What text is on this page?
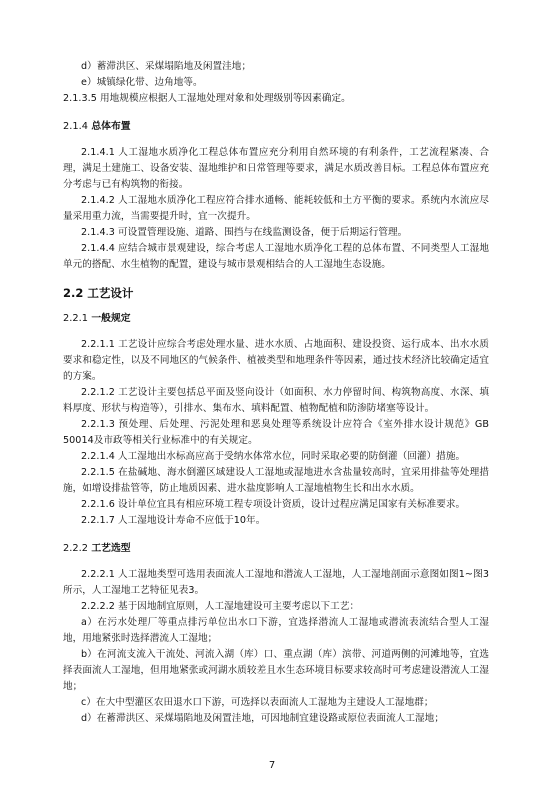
d）蓄滞洪区、采煤塌陷地及闲置洼地；

e）城镇绿化带、边角地等。

2.1.3.5 用地规模应根据人工湿地处理对象和处理级别等因素确定。

2.1.4 总体布置

2.1.4.1 人工湿地水质净化工程总体布置应充分利用自然环境的有利条件，工艺流程紧凑、合理，满足土建施工、设备安装、湿地维护和日常管理等要求，满足水质改善目标。工程总体布置应充分考虑与已有构筑物的衔接。

2.1.4.2 人工湿地水质净化工程应符合排水通畅、能耗较低和土方平衡的要求。系统内水流应尽量采用重力流，当需要提升时，宜一次提升。

2.1.4.3 可设置管理设施、道路、围挡与在线监测设备，便于后期运行管理。

2.1.4.4 应结合城市景观建设，综合考虑人工湿地水质净化工程的总体布置、不同类型人工湿地单元的搭配、水生植物的配置，建设与城市景观相结合的人工湿地生态设施。

2.2 工艺设计
2.2.1 一般规定

2.2.1.1 工艺设计应综合考虑处理水量、进水水质、占地面积、建设投资、运行成本、出水水质要求和稳定性，以及不同地区的气候条件、植被类型和地理条件等因素，通过技术经济比较确定适宜的方案。

2.2.1.2 工艺设计主要包括总平面及竖向设计（如面积、水力停留时间、构筑物高度、水深、填料厚度、形状与构造等），引排水、集布水、填料配置、植物配植和防渗防堵塞等设计。

2.2.1.3 预处理、后处理、污泥处理和恶臭处理等系统设计应符合《室外排水设计规范》GB 50014及市政等相关行业标准中的有关规定。

2.2.1.4 人工湿地出水标高应高于受纳水体常水位，同时采取必要的防倒灌（回灌）措施。

2.2.1.5 在盐碱地、海水倒灌区域建设人工湿地或湿地进水含盐量较高时，宜采用排盐等处理措施，如增设排盐管等，防止地质因素、进水盐度影响人工湿地植物生长和出水水质。

2.2.1.6 设计单位宜具有相应环境工程专项设计资质，设计过程应满足国家有关标准要求。

2.2.1.7 人工湿地设计寿命不应低于10年。

2.2.2 工艺选型

2.2.2.1 人工湿地类型可选用表面流人工湿地和潜流人工湿地，人工湿地剖面示意图如图1~图3所示，人工湿地工艺特征见表3。

2.2.2.2 基于因地制宜原则，人工湿地建设可主要考虑以下工艺：

a）在污水处理厂等重点排污单位出水口下游，宜选择潜流人工湿地或潜流表流结合型人工湿地，用地紧张时选择潜流人工湿地；

b）在河流支流入干流处、河流入湖（库）口、重点湖（库）滨带、河道两侧的河滩地等，宜选择表面流人工湿地，但用地紧张或河湖水质较差且水生态环境目标要求较高时可考虑建设潜流人工湿地；

c）在大中型灌区农田退水口下游，可选择以表面流人工湿地为主建设人工湿地群；

d）在蓄滞洪区、采煤塌陷地及闲置洼地，可因地制宜建设路或原位表面流人工湿地；

7
